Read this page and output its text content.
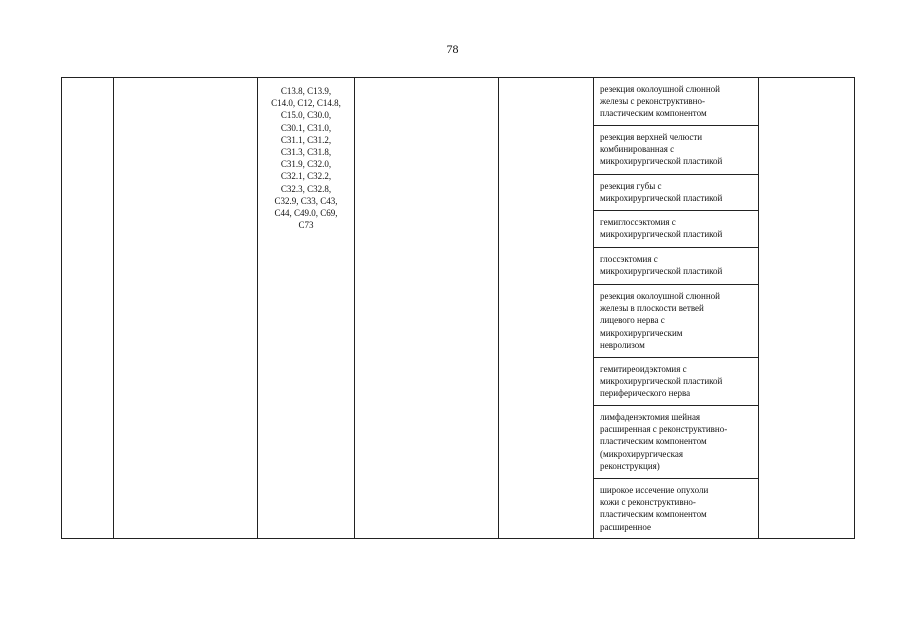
78
C13.8, C13.9,
C14.0, C12, C14.8,
C15.0, C30.0,
C30.1, C31.0,
C31.1, C31.2,
C31.3, C31.8,
C31.9, C32.0,
C32.1, C32.2,
C32.3, C32.8,
C32.9, C33, C43,
C44, C49.0, C69,
C73
резекция околоушной слюнной
железы с реконструктивно-
пластическим компонентом
резекция верхней челюсти
комбинированная с
микрохирургической пластикой
резекция губы с
микрохирургической пластикой
гемиглоссэктомия с
микрохирургической пластикой
глоссэктомия с
микрохирургической пластикой
резекция околоушной слюнной
железы в плоскости ветвей
лицевого нерва с
микрохирургическим
невролизом
гемитиреоидэктомия с
микрохирургической пластикой
периферического нерва
лимфаденэктомия шейная
расширенная с реконструктивно-
пластическим компонентом
(микрохирургическая
реконструкция)
широкое иссечение опухоли
кожи с реконструктивно-
пластическим компонентом
расширенное
